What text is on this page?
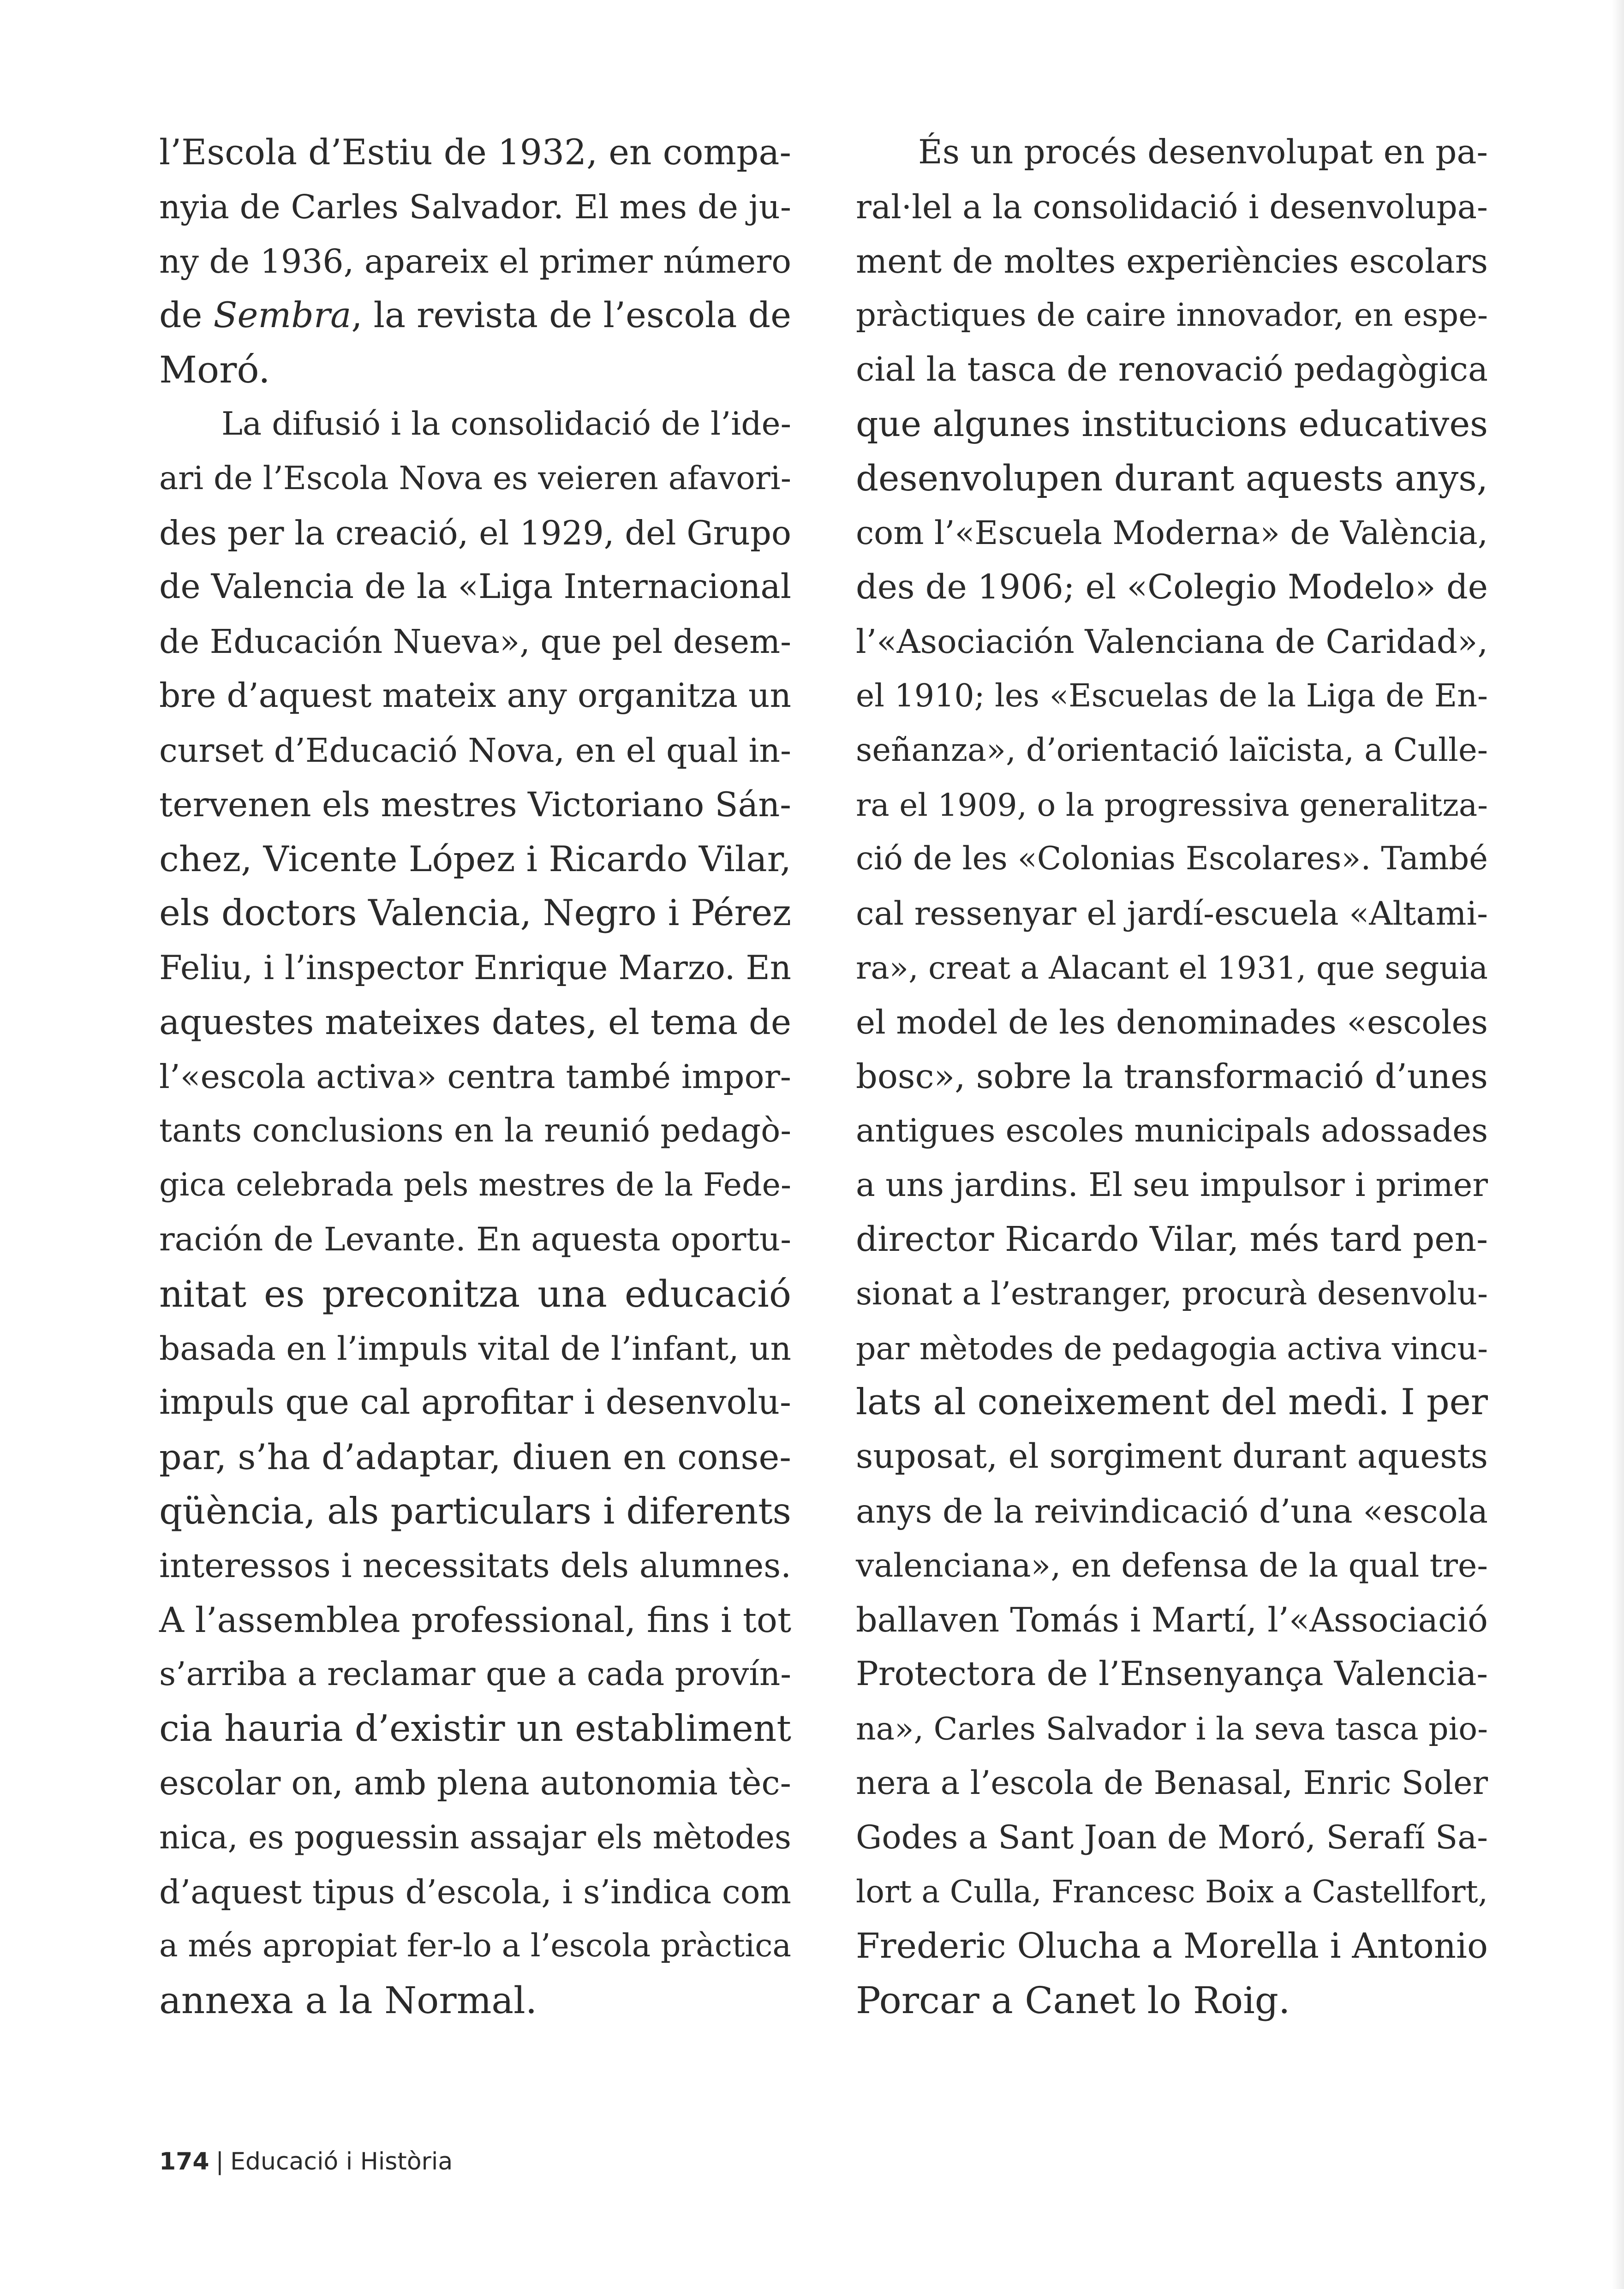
l’Escola d’Estiu de 1932, en compa-
nyia de Carles Salvador. El mes de ju-
ny de 1936, apareix el primer número
de Sembra, la revista de l’escola de
Moró.
La difusió i la consolidació de l’ide-
ari de l’Escola Nova es veieren afavori-
des per la creació, el 1929, del Grupo
de Valencia de la «Liga Internacional
de Educación Nueva», que pel desem-
bre d’aquest mateix any organitza un
curset d’Educació Nova, en el qual in-
tervenen els mestres Victoriano Sán-
chez, Vicente López i Ricardo Vilar,
els doctors Valencia, Negro i Pérez
Feliu, i l’inspector Enrique Marzo. En
aquestes mateixes dates, el tema de
l’«escola activa» centra també impor-
tants conclusions en la reunió pedagò-
gica celebrada pels mestres de la Fede-
ración de Levante. En aquesta oportu-
nitat es preconitza una educació
basada en l’impuls vital de l’infant, un
impuls que cal aprofitar i desenvolu-
par, s’ha d’adaptar, diuen en conse-
qüència, als particulars i diferents
interessos i necessitats dels alumnes.
A l’assemblea professional, fins i tot
s’arriba a reclamar que a cada provín-
cia hauria d’existir un establiment
escolar on, amb plena autonomia tèc-
nica, es poguessin assajar els mètodes
d’aquest tipus d’escola, i s’indica com
a més apropiat fer-lo a l’escola pràctica
annexa a la Normal.
És un procés desenvolupat en pa-
ral·lel a la consolidació i desenvolupa-
ment de moltes experiències escolars
pràctiques de caire innovador, en espe-
cial la tasca de renovació pedagògica
que algunes institucions educatives
desenvolupen durant aquests anys,
com l’«Escuela Moderna» de València,
des de 1906; el «Colegio Modelo» de
l’«Asociación Valenciana de Caridad»,
el 1910; les «Escuelas de la Liga de En-
señanza», d’orientació laïcista, a Culle-
ra el 1909, o la progressiva generalitza-
ció de les «Colonias Escolares». També
cal ressenyar el jardí-escuela «Altami-
ra», creat a Alacant el 1931, que seguia
el model de les denominades «escoles
bosc», sobre la transformació d’unes
antigues escoles municipals adossades
a uns jardins. El seu impulsor i primer
director Ricardo Vilar, més tard pen-
sionat a l’estranger, procurà desenvolu-
par mètodes de pedagogia activa vincu-
lats al coneixement del medi. I per
suposat, el sorgiment durant aquests
anys de la reivindicació d’una «escola
valenciana», en defensa de la qual tre-
ballaven Tomás i Martí, l’«Associació
Protectora de l’Ensenyança Valencia-
na», Carles Salvador i la seva tasca pio-
nera a l’escola de Benasal, Enric Soler
Godes a Sant Joan de Moró, Serafí Sa-
lort a Culla, Francesc Boix a Castellfort,
Frederic Olucha a Morella i Antonio
Porcar a Canet lo Roig.
174 | Educació i Història
